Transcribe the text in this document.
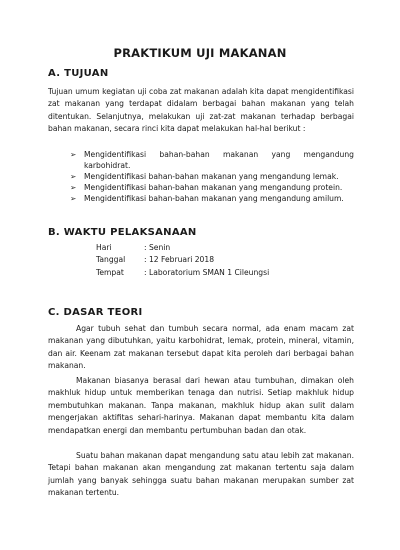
PRAKTIKUM UJI MAKANAN
A. TUJUAN
Tujuan umum kegiatan uji coba zat makanan adalah kita dapat mengidentifikasi zat makanan yang terdapat didalam berbagai bahan makanan yang telah ditentukan. Selanjutnya, melakukan uji zat-zat makanan terhadap berbagai bahan makanan, secara rinci kita dapat melakukan hal-hal berikut :
➢ Mengidentifikasi bahan-bahan makanan yang mengandung karbohidrat.
➢ Mengidentifikasi bahan-bahan makanan yang mengandung lemak.
➢ Mengidentifikasi bahan-bahan makanan yang mengandung protein.
➢ Mengidentifikasi bahan-bahan makanan yang mengandung amilum.
B. WAKTU PELAKSANAAN
Hari	: Senin
Tanggal	: 12 Februari 2018
Tempat	: Laboratorium SMAN 1 Cileungsi
C. DASAR TEORI
Agar tubuh sehat dan tumbuh secara normal, ada enam macam zat makanan yang dibutuhkan, yaitu karbohidrat, lemak, protein, mineral, vitamin, dan air. Keenam zat makanan tersebut dapat kita peroleh dari berbagai bahan makanan.
Makanan biasanya berasal dari hewan atau tumbuhan, dimakan oleh makhluk hidup untuk memberikan tenaga dan nutrisi. Setiap makhluk hidup membutuhkan makanan. Tanpa makanan, makhluk hidup akan sulit dalam mengerjakan aktifitas sehari-harinya. Makanan dapat membantu kita dalam mendapatkan energi dan membantu pertumbuhan badan dan otak.
Suatu bahan makanan dapat mengandung satu atau lebih zat makanan. Tetapi bahan makanan akan mengandung zat makanan tertentu saja dalam jumlah yang banyak sehingga suatu bahan makanan merupakan sumber zat makanan tertentu.
